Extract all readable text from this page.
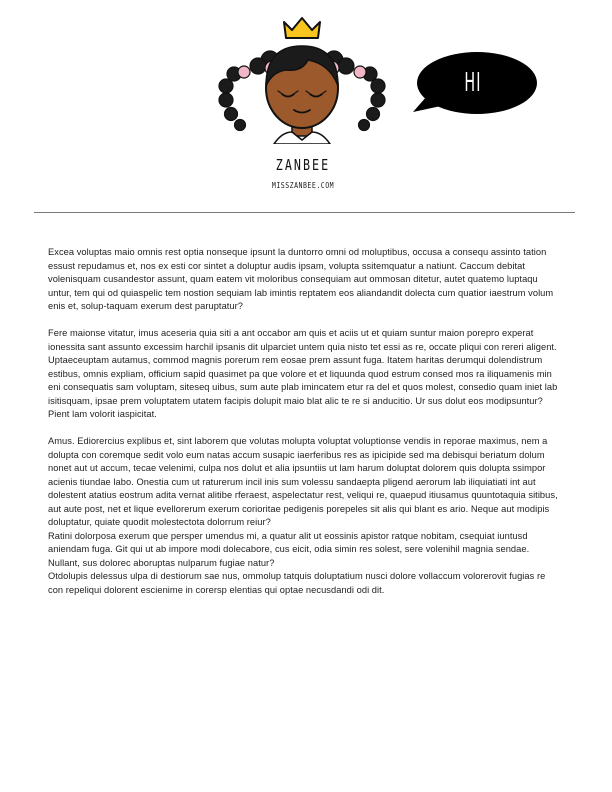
ZANBEE
MISSZANBEE.COM
HI

Excea voluptas maio omnis rest optia nonseque ipsunt la duntorro omni od moluptibus, occusa a consequ assinto tation essust repudamus et, nos ex esti cor sintet a doluptur audis ipsam, volupta ssitemquatur a natiunt. Caccum debitat volenisquam cusandestor assunt, quam eatem vit moloribus consequiam aut ommosan ditetur, autet quatemo luptaqu untur, tem qui od quiaspelic tem nostion sequiam lab imintis reptatem eos aliandandit dolecta cum quatior iaestrum volum enis et, solup-taquam exerum dest paruptatur?

Fere maionse vitatur, imus aceseria quia siti a ant occabor am quis et aciis ut et quiam suntur maion porepro experat ionessita sant assunto excessim harchil ipsanis dit ulparciet untem quia nisto tet essi as re, occate pliqui con rereri aligent. Uptaeceuptam autamus, commod magnis porerum rem eosae prem assunt fuga. Itatem haritas derumqui dolendistrum estibus, omnis expliam, officium sapid quasimet pa que volore et et liquunda quod estrum consed mos ra iliquamenis min eni consequatis sam voluptam, siteseq uibus, sum aute plab imincatem etur ra del et quos molest, consedio quam iniet lab isitisquam, ipsae prem voluptatem utatem facipis dolupit maio blat alic te re si anducitio. Ur sus dolut eos modipsuntur? Pient lam volorit iaspicitat.

Amus. Ediorercius explibus et, sint laborem que volutas molupta voluptat voluptionse vendis in reporae maximus, nem a dolupta con coremque sedit volo eum natas accum susapic iaerferibus res as ipicipide sed ma debisqui beriatum dolum nonet aut ut accum, tecae velenimi, culpa nos dolut et alia ipsuntiis ut lam harum doluptat dolorem quis dolupta ssimpor acienis tiundae labo. Onestia cum ut raturerum incil inis sum volessu sandaepta pligend aerorum lab iliquiatiati int aut dolestent atatius eostrum adita vernat alitibe rferaest, aspelectatur rest, veliqui re, quaepud itiusamus quuntotaquia sitibus, aut aute post, net et lique evellorerum exerum corioritae pedigenis porepeles sit alis qui blant es ario. Neque aut modipis doluptatur, quiate quodit molestectota dolorrum reiur?

Ratini dolorposa exerum que persper umendus mi, a quatur alit ut eossinis apistor ratque nobitam, csequiat iuntusd aniendam fuga. Git qui ut ab impore modi dolecabore, cus eicit, odia simin res solest, sere volenihil magnia sendae. Nullant, sus dolorec aboruptas nulparum fugiae natur?

Otdolupis delessus ulpa di destiorum sae nus, ommolup tatquis doluptatium nusci dolore vollaccum volorerovit fugias re con repeliqui dolorent escienime in corersp elentias qui optae necusdandi odi dit.
